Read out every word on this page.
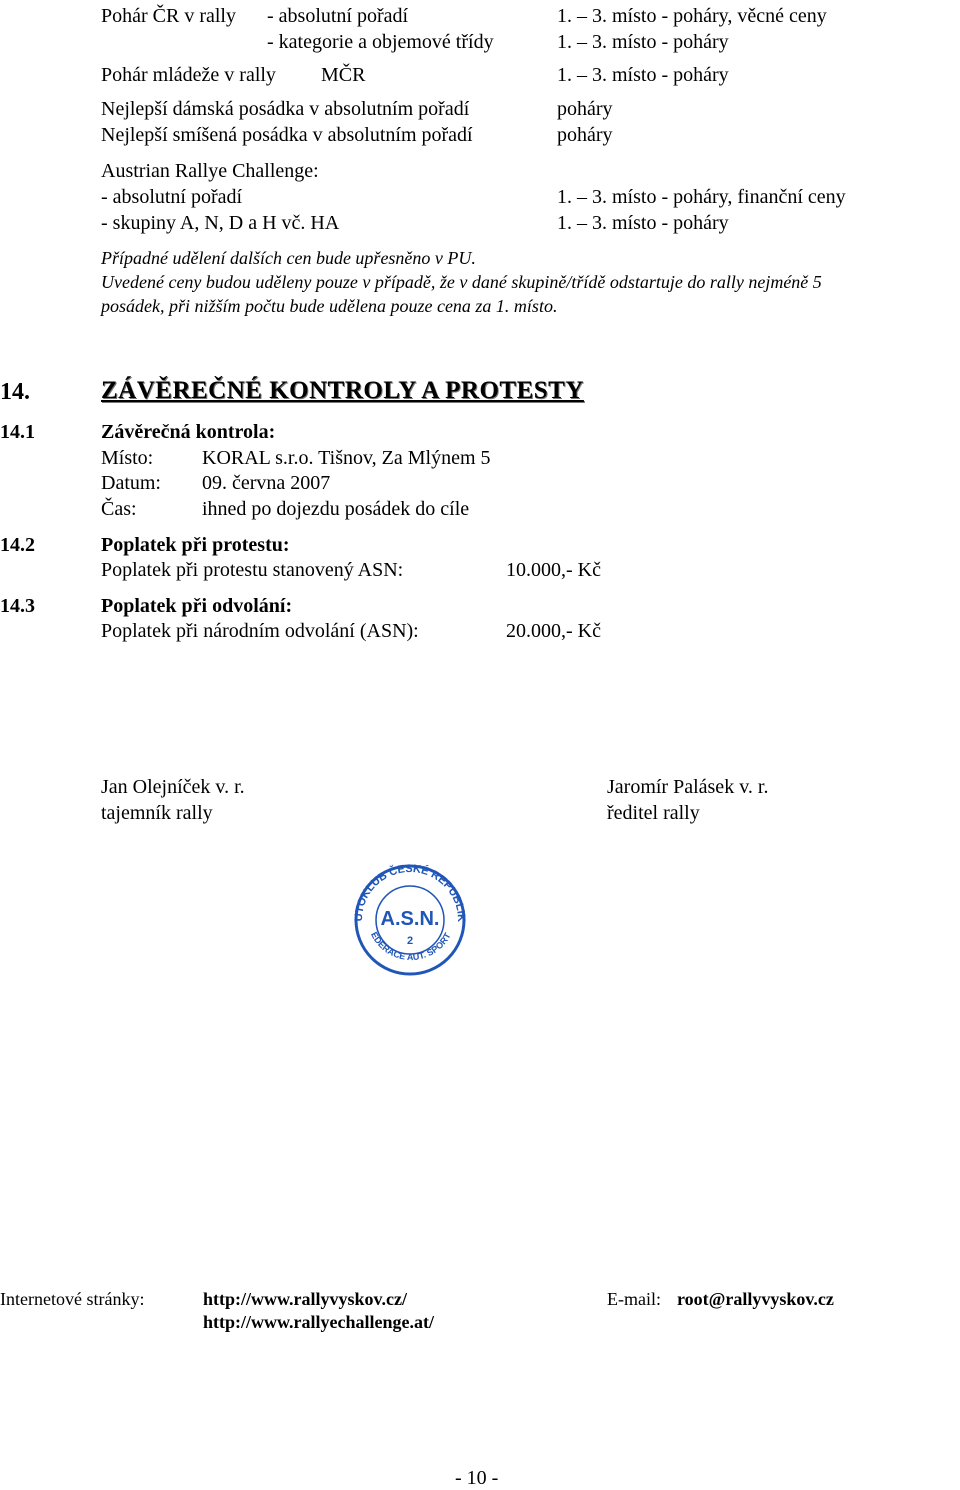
Pohár ČR v rally - absolutní pořadí	1. – 3. místo - poháry, věcné ceny
- kategorie a objemové třídy	1. – 3. místo - poháry
Pohár mládeže v rally MČR	1. – 3. místo - poháry
Nejlepší dámská posádka v absolutním pořadí	poháry
Nejlepší smíšená posádka v absolutním pořadí	poháry
Austrian Rallye Challenge:
- absolutní pořadí	1. – 3. místo - poháry, finanční ceny
- skupiny A, N, D a H vč. HA	1. – 3. místo - poháry
Případné udělení dalších cen bude upřesněno v PU.
Uvedené ceny budou uděleny pouze v případě, že v dané skupině/třídě odstartuje do rally nejméně 5
posádek, při nižším počtu bude udělena pouze cena za 1. místo.
14.	ZÁVĚREČNÉ KONTROLY A PROTESTY
14.1	Závěrečná kontrola:
Místo: KORAL s.r.o. Tišnov, Za Mlýnem 5
Datum: 09. června 2007
Čas:	ihned po dojezdu posádek do cíle
14.2	Poplatek při protestu:
Poplatek při protestu stanovený ASN:	10.000,- Kč
14.3	Poplatek při odvolání:
Poplatek při národním odvolání (ASN):	20.000,- Kč
Jan Olejníček v. r.
tajemník rally
Jaromír Palásek v. r.
ředitel rally
UTOKLUB ČESKÉ REPUBLIK
EDERACE AUT. SPORT
A.S.N.
2
Internetové stránky:	http://www.rallyvyskov.cz/
http://www.rallyechallenge.at/
E-mail: root@rallyvyskov.cz
- 10 -
